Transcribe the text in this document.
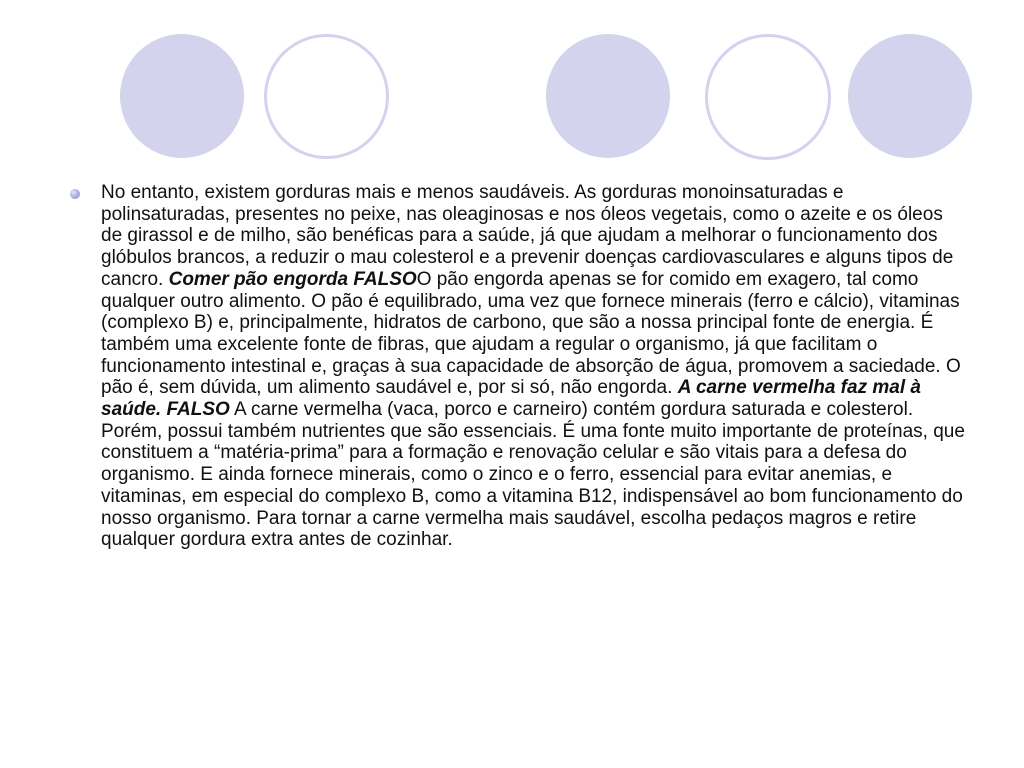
No entanto, existem gorduras mais e menos saudáveis. As gorduras monoinsaturadas e polinsaturadas, presentes no peixe, nas oleaginosas e nos óleos vegetais, como o azeite e os óleos de girassol e de milho, são benéficas para a saúde, já que ajudam a melhorar o funcionamento dos glóbulos brancos, a reduzir o mau colesterol e a prevenir doenças cardiovasculares e alguns tipos de cancro. Comer pão engorda FALSOO pão engorda apenas se for comido em exagero, tal como qualquer outro alimento. O pão é equilibrado, uma vez que fornece minerais (ferro e cálcio), vitaminas (complexo B) e, principalmente, hidratos de carbono, que são a nossa principal fonte de energia. É também uma excelente fonte de fibras, que ajudam a regular o organismo, já que facilitam o funcionamento intestinal e, graças à sua capacidade de absorção de água, promovem a saciedade. O pão é, sem dúvida, um alimento saudável e, por si só, não engorda. A carne vermelha faz mal à saúde. FALSO A carne vermelha (vaca, porco e carneiro) contém gordura saturada e colesterol. Porém, possui também nutrientes que são essenciais. É uma fonte muito importante de proteínas, que constituem a “matéria-prima” para a formação e renovação celular e são vitais para a defesa do organismo. E ainda fornece minerais, como o zinco e o ferro, essencial para evitar anemias, e vitaminas, em especial do complexo B, como a vitamina B12, indispensável ao bom funcionamento do nosso organismo. Para tornar a carne vermelha mais saudável, escolha pedaços magros e retire qualquer gordura extra antes de cozinhar.
